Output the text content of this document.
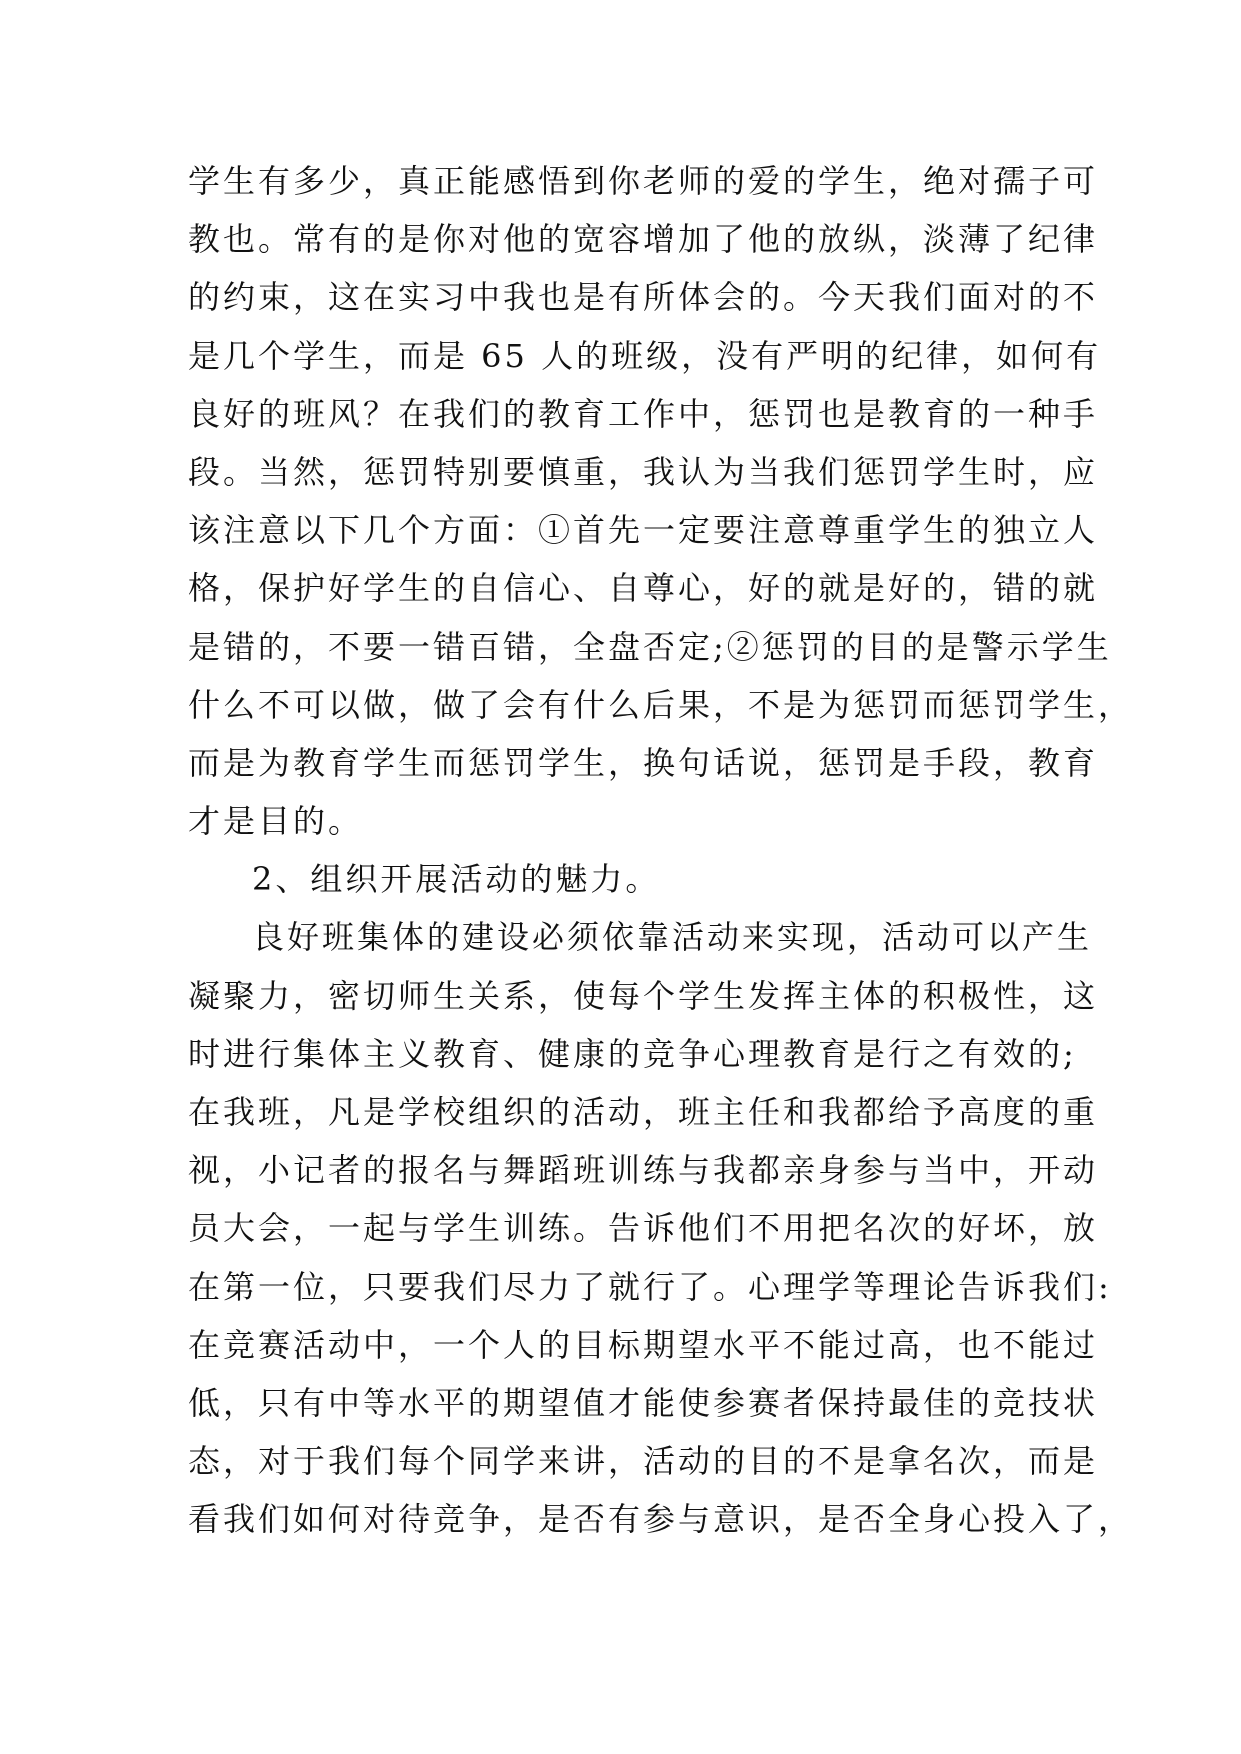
学生有多少，真正能感悟到你老师的爱的学生，绝对孺子可
教也。常有的是你对他的宽容增加了他的放纵，淡薄了纪律
的约束，这在实习中我也是有所体会的。今天我们面对的不
是几个学生，而是 65 人的班级，没有严明的纪律，如何有
良好的班风？在我们的教育工作中，惩罚也是教育的一种手
段。当然，惩罚特别要慎重，我认为当我们惩罚学生时，应
该注意以下几个方面：①首先一定要注意尊重学生的独立人
格，保护好学生的自信心、自尊心，好的就是好的，错的就
是错的，不要一错百错，全盘否定;②惩罚的目的是警示学生
什么不可以做，做了会有什么后果，不是为惩罚而惩罚学生，
而是为教育学生而惩罚学生，换句话说，惩罚是手段，教育
才是目的。
2、组织开展活动的魅力。
良好班集体的建设必须依靠活动来实现，活动可以产生
凝聚力，密切师生关系，使每个学生发挥主体的积极性，这
时进行集体主义教育、健康的竞争心理教育是行之有效的;
在我班，凡是学校组织的活动，班主任和我都给予高度的重
视，小记者的报名与舞蹈班训练与我都亲身参与当中，开动
员大会，一起与学生训练。告诉他们不用把名次的好坏，放
在第一位，只要我们尽力了就行了。心理学等理论告诉我们:
在竞赛活动中，一个人的目标期望水平不能过高，也不能过
低，只有中等水平的期望值才能使参赛者保持最佳的竞技状
态，对于我们每个同学来讲，活动的目的不是拿名次，而是
看我们如何对待竞争，是否有参与意识，是否全身心投入了，
